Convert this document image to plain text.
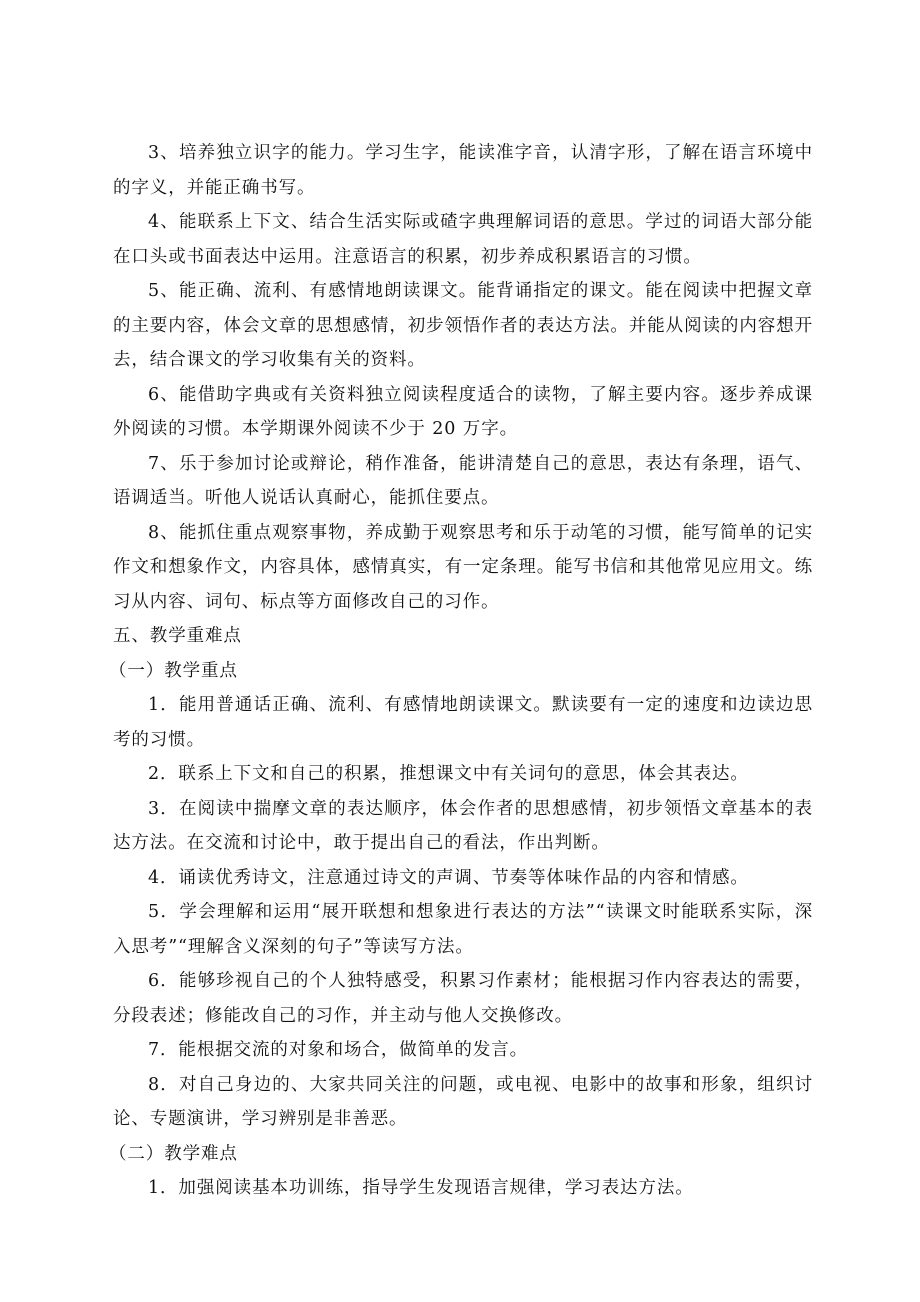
3、培养独立识字的能力。学习生字，能读准字音，认清字形，了解在语言环境中的字义，并能正确书写。

4、能联系上下文、结合生活实际或碴字典理解词语的意思。学过的词语大部分能在口头或书面表达中运用。注意语言的积累，初步养成积累语言的习惯。

5、能正确、流利、有感情地朗读课文。能背诵指定的课文。能在阅读中把握文章的主要内容，体会文章的思想感情，初步领悟作者的表达方法。并能从阅读的内容想开去，结合课文的学习收集有关的资料。

6、能借助字典或有关资料独立阅读程度适合的读物，了解主要内容。逐步养成课外阅读的习惯。本学期课外阅读不少于 20 万字。

7、乐于参加讨论或辩论，稍作准备，能讲清楚自己的意思，表达有条理，语气、语调适当。听他人说话认真耐心，能抓住要点。

8、能抓住重点观察事物，养成勤于观察思考和乐于动笔的习惯，能写简单的记实作文和想象作文，内容具体，感情真实，有一定条理。能写书信和其他常见应用文。练习从内容、词句、标点等方面修改自己的习作。

五、教学重难点

（一）教学重点

1．能用普通话正确、流利、有感情地朗读课文。默读要有一定的速度和边读边思考的习惯。

2．联系上下文和自己的积累，推想课文中有关词句的意思，体会其表达。

3．在阅读中揣摩文章的表达顺序，体会作者的思想感情，初步领悟文章基本的表达方法。在交流和讨论中，敢于提出自己的看法，作出判断。

4．诵读优秀诗文，注意通过诗文的声调、节奏等体味作品的内容和情感。

5．学会理解和运用“展开联想和想象进行表达的方法”“读课文时能联系实际，深入思考”“理解含义深刻的句子”等读写方法。

6．能够珍视自己的个人独特感受，积累习作素材；能根据习作内容表达的需要，分段表述；修能改自己的习作，并主动与他人交换修改。

7．能根据交流的对象和场合，做简单的发言。

8．对自己身边的、大家共同关注的问题，或电视、电影中的故事和形象，组织讨论、专题演讲，学习辨别是非善恶。

（二）教学难点

1．加强阅读基本功训练，指导学生发现语言规律，学习表达方法。
